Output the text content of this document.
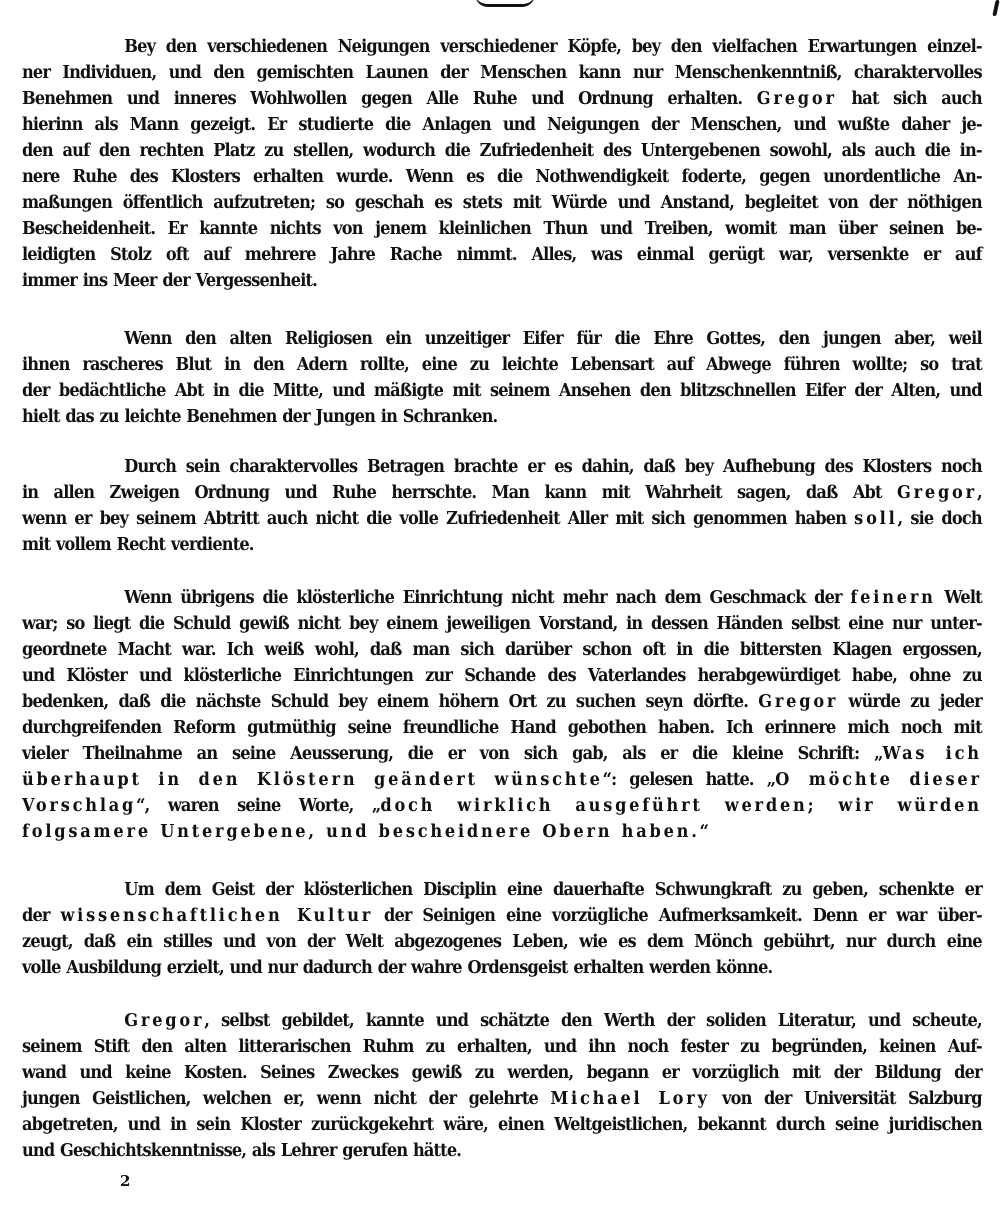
Bey den verschiedenen Neigungen verschiedener Köpfe, bey den vielfachen Erwartungen einzel-
ner Individuen, und den gemischten Launen der Menschen kann nur Menschenkenntniß, charaktervolles
Benehmen und inneres Wohlwollen gegen Alle Ruhe und Ordnung erhalten. Gregor hat sich auch
hierinn als Mann gezeigt. Er studierte die Anlagen und Neigungen der Menschen, und wußte daher je-
den auf den rechten Platz zu stellen, wodurch die Zufriedenheit des Untergebenen sowohl, als auch die in-
nere Ruhe des Klosters erhalten wurde. Wenn es die Nothwendigkeit foderte, gegen unordentliche An-
maßungen öffentlich aufzutreten; so geschah es stets mit Würde und Anstand, begleitet von der nöthigen
Bescheidenheit. Er kannte nichts von jenem kleinlichen Thun und Treiben, womit man über seinen be-
leidigten Stolz oft auf mehrere Jahre Rache nimmt. Alles, was einmal gerügt war, versenkte er auf
immer ins Meer der Vergessenheit.
Wenn den alten Religiosen ein unzeitiger Eifer für die Ehre Gottes, den jungen aber, weil
ihnen rascheres Blut in den Adern rollte, eine zu leichte Lebensart auf Abwege führen wollte; so trat
der bedächtliche Abt in die Mitte, und mäßigte mit seinem Ansehen den blitzschnellen Eifer der Alten, und
hielt das zu leichte Benehmen der Jungen in Schranken.
Durch sein charaktervolles Betragen brachte er es dahin, daß bey Aufhebung des Klosters noch
in allen Zweigen Ordnung und Ruhe herrschte. Man kann mit Wahrheit sagen, daß Abt Gregor,
wenn er bey seinem Abtritt auch nicht die volle Zufriedenheit Aller mit sich genommen haben soll, sie doch
mit vollem Recht verdiente.
Wenn übrigens die klösterliche Einrichtung nicht mehr nach dem Geschmack der feinern Welt
war; so liegt die Schuld gewiß nicht bey einem jeweiligen Vorstand, in dessen Händen selbst eine nur unter-
geordnete Macht war. Ich weiß wohl, daß man sich darüber schon oft in die bittersten Klagen ergossen,
und Klöster und klösterliche Einrichtungen zur Schande des Vaterlandes herabgewürdiget habe, ohne zu
bedenken, daß die nächste Schuld bey einem höhern Ort zu suchen seyn dörfte. Gregor würde zu jeder
durchgreifenden Reform gutmüthig seine freundliche Hand gebothen haben. Ich erinnere mich noch mit
vieler Theilnahme an seine Aeusserung, die er von sich gab, als er die kleine Schrift: „Was ich
überhaupt in den Klöstern geändert wünschte“: gelesen hatte. „O möchte dieser
Vorschlag“, waren seine Worte, „doch wirklich ausgeführt werden; wir würden
folgsamere Untergebene, und bescheidnere Obern haben.“
Um dem Geist der klösterlichen Disciplin eine dauerhafte Schwungkraft zu geben, schenkte er
der wissenschaftlichen Kultur der Seinigen eine vorzügliche Aufmerksamkeit. Denn er war über-
zeugt, daß ein stilles und von der Welt abgezogenes Leben, wie es dem Mönch gebührt, nur durch eine
volle Ausbildung erzielt, und nur dadurch der wahre Ordensgeist erhalten werden könne.
Gregor, selbst gebildet, kannte und schätzte den Werth der soliden Literatur, und scheute,
seinem Stift den alten litterarischen Ruhm zu erhalten, und ihn noch fester zu begründen, keinen Auf-
wand und keine Kosten. Seines Zweckes gewiß zu werden, begann er vorzüglich mit der Bildung der
jungen Geistlichen, welchen er, wenn nicht der gelehrte Michael Lory von der Universität Salzburg
abgetreten, und in sein Kloster zurückgekehrt wäre, einen Weltgeistlichen, bekannt durch seine juridischen
und Geschichtskenntnisse, als Lehrer gerufen hätte.
2
